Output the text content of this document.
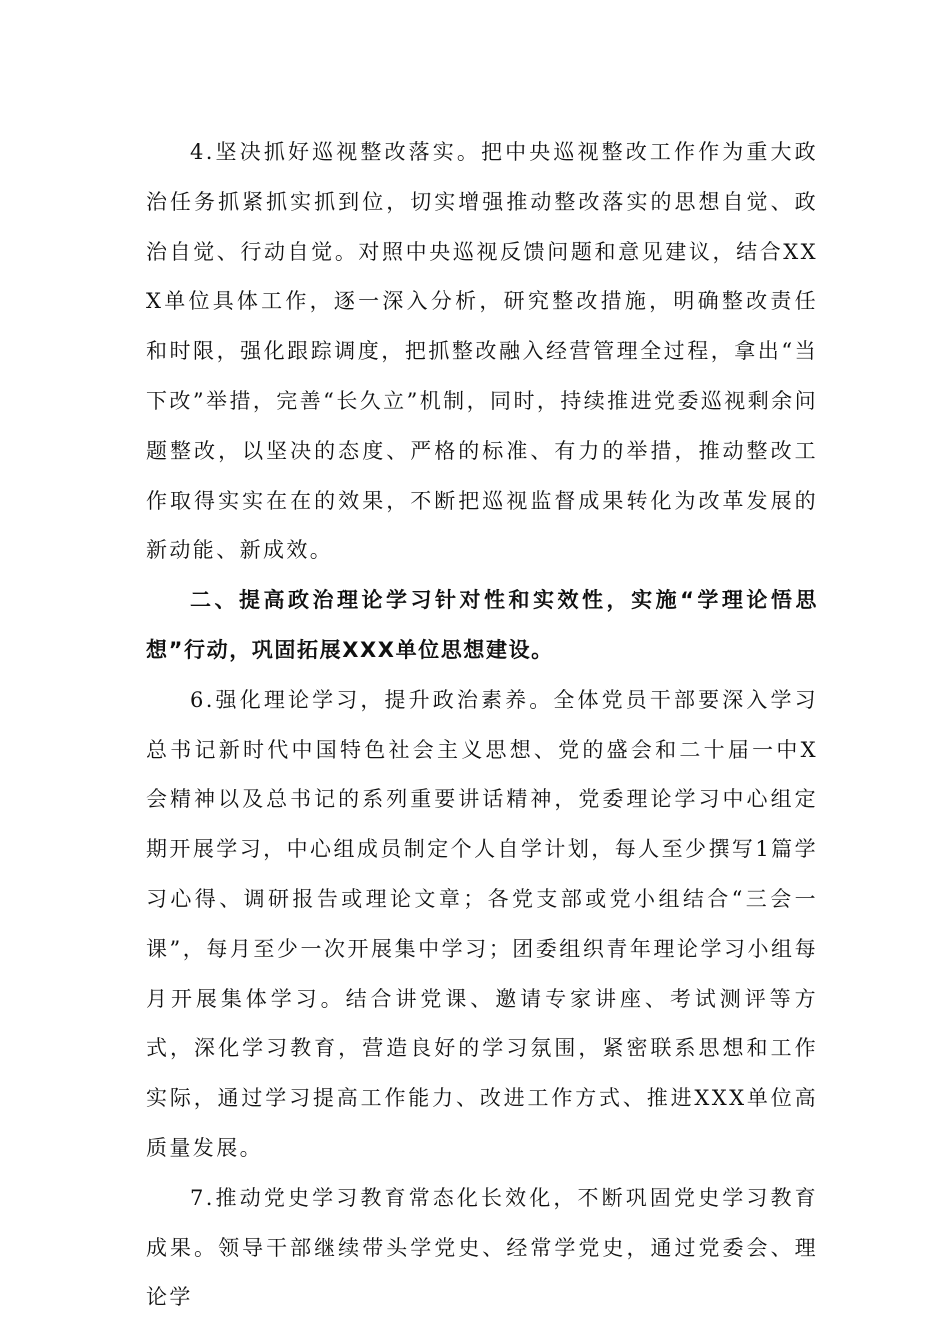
4.坚决抓好巡视整改落实。把中央巡视整改工作作为重大政治任务抓紧抓实抓到位，切实增强推动整改落实的思想自觉、政治自觉、行动自觉。对照中央巡视反馈问题和意见建议，结合XXX单位具体工作，逐一深入分析，研究整改措施，明确整改责任和时限，强化跟踪调度，把抓整改融入经营管理全过程，拿出“当下改”举措，完善“长久立”机制，同时，持续推进党委巡视剩余问题整改，以坚决的态度、严格的标准、有力的举措，推动整改工作取得实实在在的效果，不断把巡视监督成果转化为改革发展的新动能、新成效。

二、提高政治理论学习针对性和实效性，实施“学理论悟思想”行动，巩固拓展XXX单位思想建设。

6.强化理论学习，提升政治素养。全体党员干部要深入学习总书记新时代中国特色社会主义思想、党的盛会和二十届一中X会精神以及总书记的系列重要讲话精神，党委理论学习中心组定期开展学习，中心组成员制定个人自学计划，每人至少撰写1篇学习心得、调研报告或理论文章；各党支部或党小组结合“三会一课”，每月至少一次开展集中学习；团委组织青年理论学习小组每月开展集体学习。结合讲党课、邀请专家讲座、考试测评等方式，深化学习教育，营造良好的学习氛围，紧密联系思想和工作实际，通过学习提高工作能力、改进工作方式、推进XXX单位高质量发展。

7.推动党史学习教育常态化长效化，不断巩固党史学习教育成果。领导干部继续带头学党史、经常学党史，通过党委会、理论学
